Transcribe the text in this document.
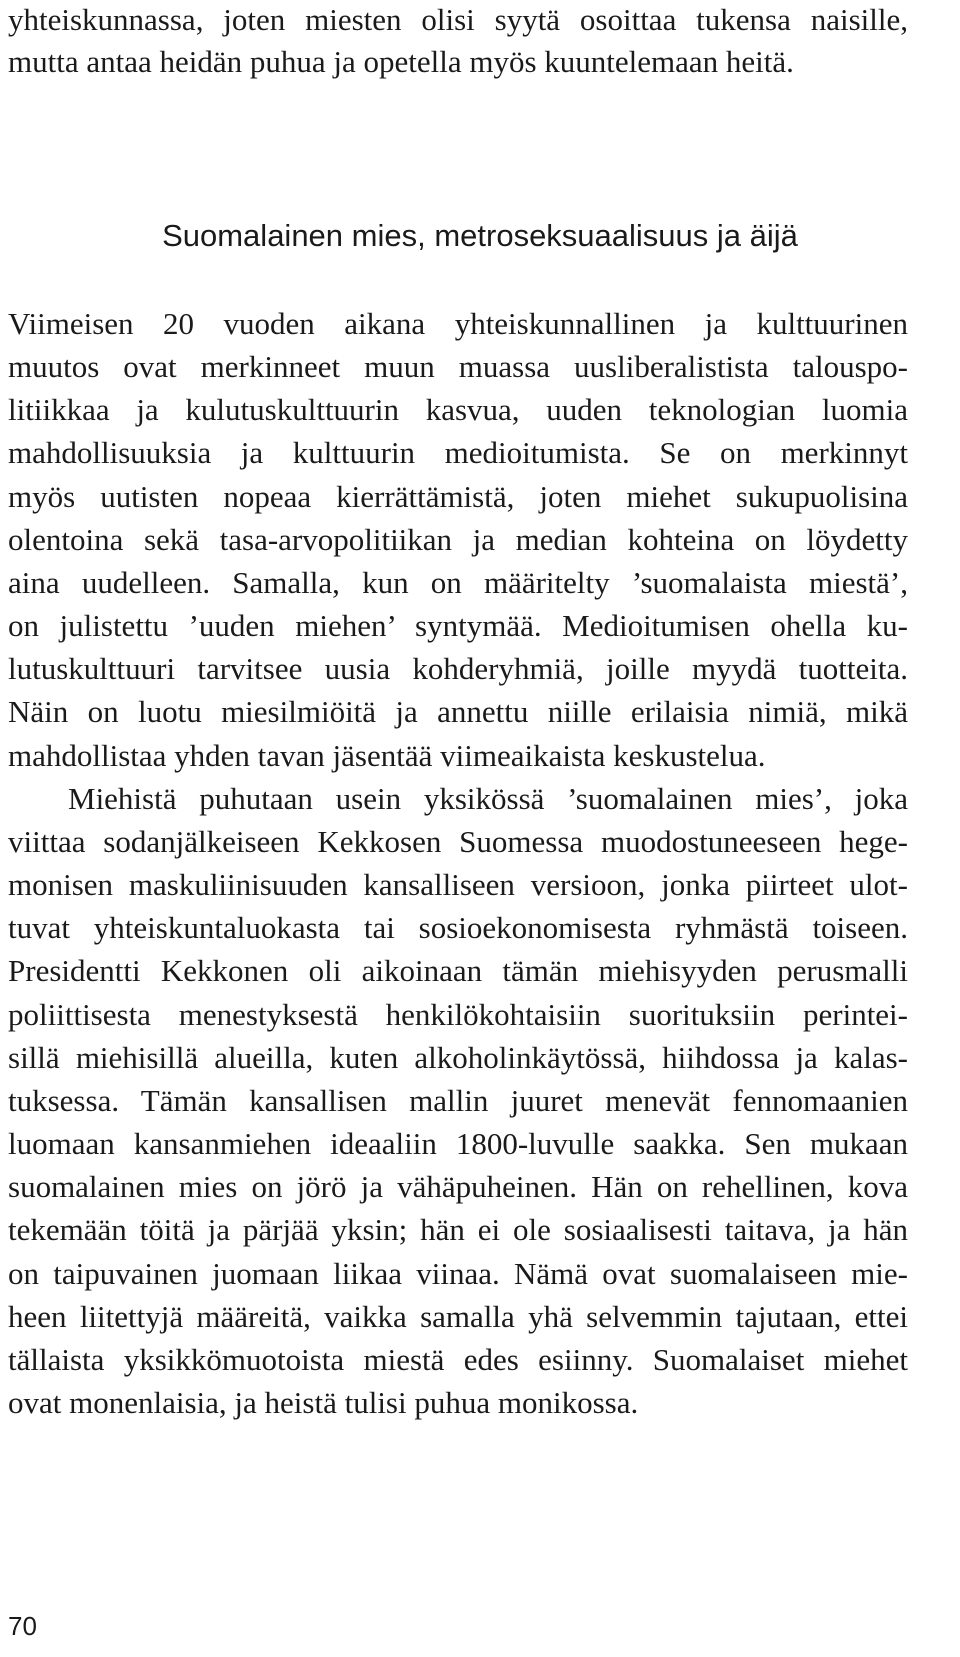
yhteiskunnassa, joten miesten olisi syytä osoittaa tukensa naisille,
mutta antaa heidän puhua ja opetella myös kuuntelemaan heitä.
Suomalainen mies, metroseksuaalisuus ja äijä
Viimeisen 20 vuoden aikana yhteiskunnallinen ja kulttuurinen
muutos ovat merkinneet muun muassa uusliberalistista talouspo-
litiikkaa ja kulutuskulttuurin kasvua, uuden teknologian luomia
mahdollisuuksia ja kulttuurin medioitumista. Se on merkinnyt
myös uutisten nopeaa kierrättämistä, joten miehet sukupuolisina
olentoina sekä tasa-arvopolitiikan ja median kohteina on löydetty
aina uudelleen. Samalla, kun on määritelty ’suomalaista miestä’,
on julistettu ’uuden miehen’ syntymää. Medioitumisen ohella ku-
lutuskulttuuri tarvitsee uusia kohderyhmiä, joille myydä tuotteita.
Näin on luotu miesilmiöitä ja annettu niille erilaisia nimiä, mikä
mahdollistaa yhden tavan jäsentää viimeaikaista keskustelua.
Miehistä puhutaan usein yksikössä ’suomalainen mies’, joka
viittaa sodanjälkeiseen Kekkosen Suomessa muodostuneeseen hege-
monisen maskuliinisuuden kansalliseen versioon, jonka piirteet ulot-
tuvat yhteiskuntaluokasta tai sosioekonomisesta ryhmästä toiseen.
Presidentti Kekkonen oli aikoinaan tämän miehisyyden perusmalli
poliittisesta menestyksestä henkilökohtaisiin suorituksiin perintei-
sillä miehisillä alueilla, kuten alkoholinkäytössä, hiihdossa ja kalas-
tuksessa. Tämän kansallisen mallin juuret menevät fennomaanien
luomaan kansanmiehen ideaaliin 1800-luvulle saakka. Sen mukaan
suomalainen mies on jörö ja vähäpuheinen. Hän on rehellinen, kova
tekemään töitä ja pärjää yksin; hän ei ole sosiaalisesti taitava, ja hän
on taipuvainen juomaan liikaa viinaa. Nämä ovat suomalaiseen mie-
heen liitettyjä määreitä, vaikka samalla yhä selvemmin tajutaan, ettei
tällaista yksikkömuotoista miestä edes esiinny. Suomalaiset miehet
ovat monenlaisia, ja heistä tulisi puhua monikossa.
70
